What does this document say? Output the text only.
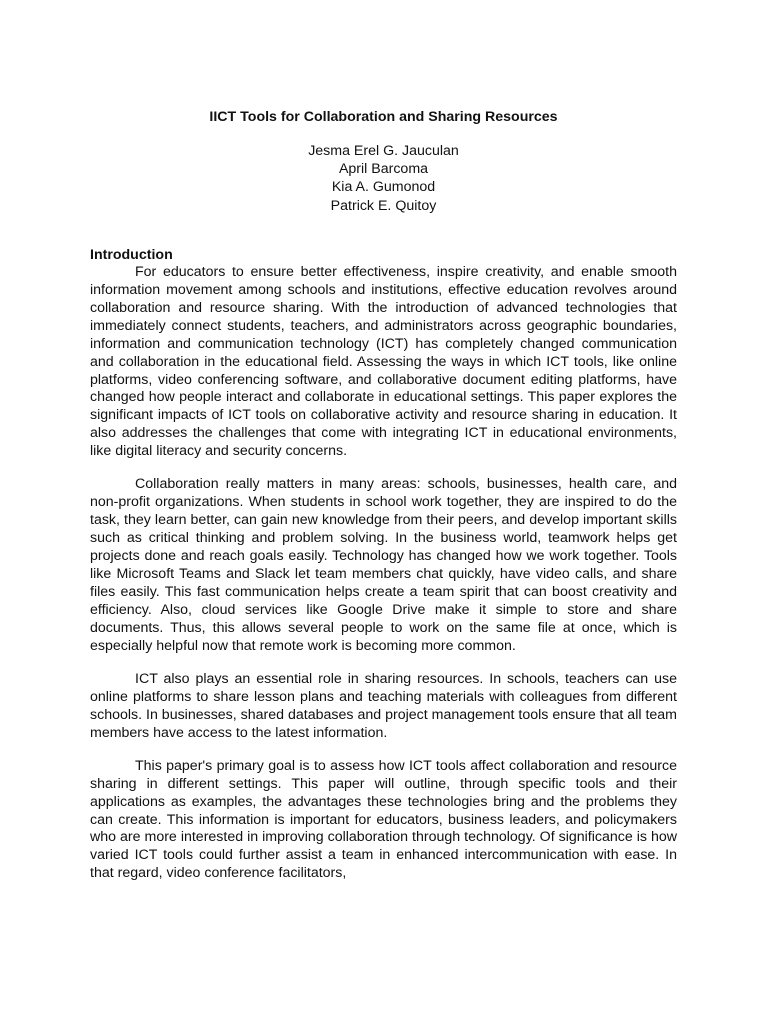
IICT Tools for Collaboration and Sharing Resources
Jesma Erel G. Jauculan
April Barcoma
Kia A. Gumonod
Patrick E. Quitoy
Introduction

For educators to ensure better effectiveness, inspire creativity, and enable smooth information movement among schools and institutions, effective education revolves around collaboration and resource sharing. With the introduction of advanced technologies that immediately connect students, teachers, and administrators across geographic boundaries, information and communication technology (ICT) has completely changed communication and collaboration in the educational field. Assessing the ways in which ICT tools, like online platforms, video conferencing software, and collaborative document editing platforms, have changed how people interact and collaborate in educational settings. This paper explores the significant impacts of ICT tools on collaborative activity and resource sharing in education. It also addresses the challenges that come with integrating ICT in educational environments, like digital literacy and security concerns.

Collaboration really matters in many areas: schools, businesses, health care, and non-profit organizations. When students in school work together, they are inspired to do the task, they learn better, can gain new knowledge from their peers, and develop important skills such as critical thinking and problem solving. In the business world, teamwork helps get projects done and reach goals easily. Technology has changed how we work together. Tools like Microsoft Teams and Slack let team members chat quickly, have video calls, and share files easily. This fast communication helps create a team spirit that can boost creativity and efficiency. Also, cloud services like Google Drive make it simple to store and share documents. Thus, this allows several people to work on the same file at once, which is especially helpful now that remote work is becoming more common.

ICT also plays an essential role in sharing resources. In schools, teachers can use online platforms to share lesson plans and teaching materials with colleagues from different schools. In businesses, shared databases and project management tools ensure that all team members have access to the latest information.

This paper's primary goal is to assess how ICT tools affect collaboration and resource sharing in different settings. This paper will outline, through specific tools and their applications as examples, the advantages these technologies bring and the problems they can create. This information is important for educators, business leaders, and policymakers who are more interested in improving collaboration through technology. Of significance is how varied ICT tools could further assist a team in enhanced intercommunication with ease. In that regard, video conference facilitators,
